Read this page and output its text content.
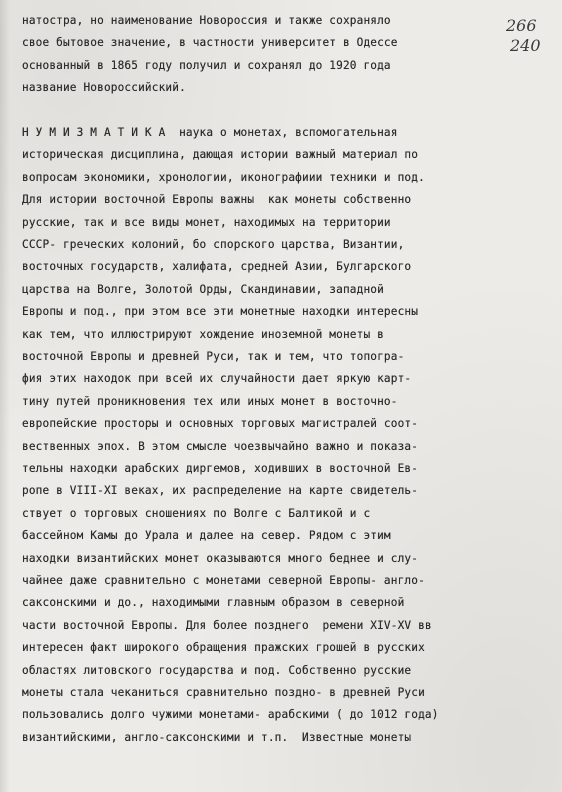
266
240
натостра, но наименование Новороссия и также сохраняло
свое бытовое значение, в частности университет в Одессе
основанный в 1865 году получил и сохранял до 1920 года
название Новороссийский.
Н У М И З М А Т И К А  наука о монетах, вспомогательная
историческая дисциплина, дающая истории важный материал по
вопросам экономики, хронологии, иконографиии техники и под.
Для истории восточной Европы важны  как монеты собственно
русские, так и все виды монет, находимых на территории
СССР- греческих колоний, бо спорского царства, Византии,
восточных государств, халифата, средней Азии, Булгарского
царства на Волге, Золотой Орды, Скандинавии, западной
Европы и под., при этом все эти монетные находки интересны
как тем, что иллюстрируют хождение иноземной монеты в
восточной Европы и древней Руси, так и тем, что топогра-
фия этих находок при всей их случайности дает яркую карт-
тину путей проникновения тех или иных монет в восточно-
европейские просторы и основных торговых магистралей соот-
вественных эпох. В этом смысле чоезвычайно важно и показа-
тельны находки арабских диргемов, ходивших в восточной Ев-
ропе в VIII-XI веках, их распределение на карте свидетель-
ствует о торговых сношениях по Волге с Балтикой и с
бассейном Камы до Урала и далее на север. Рядом с этим
находки византийских монет оказываются много беднее и слу-
чайнее даже сравнительно с монетами северной Европы- англо-
саксонскими и до., находимыми главным образом в северной
части восточной Европы. Для более позднего  ремени XIV-XV вв
интересен факт широкого обращения пражских грошей в русских
областях литовского государства и под. Собственно русские
монеты стала чеканиться сравнительно поздно- в древней Руси
пользовались долго чужими монетами- арабскими ( до 1012 года)
византийскими, англо-саксонскими и т.п.  Известные монеты
